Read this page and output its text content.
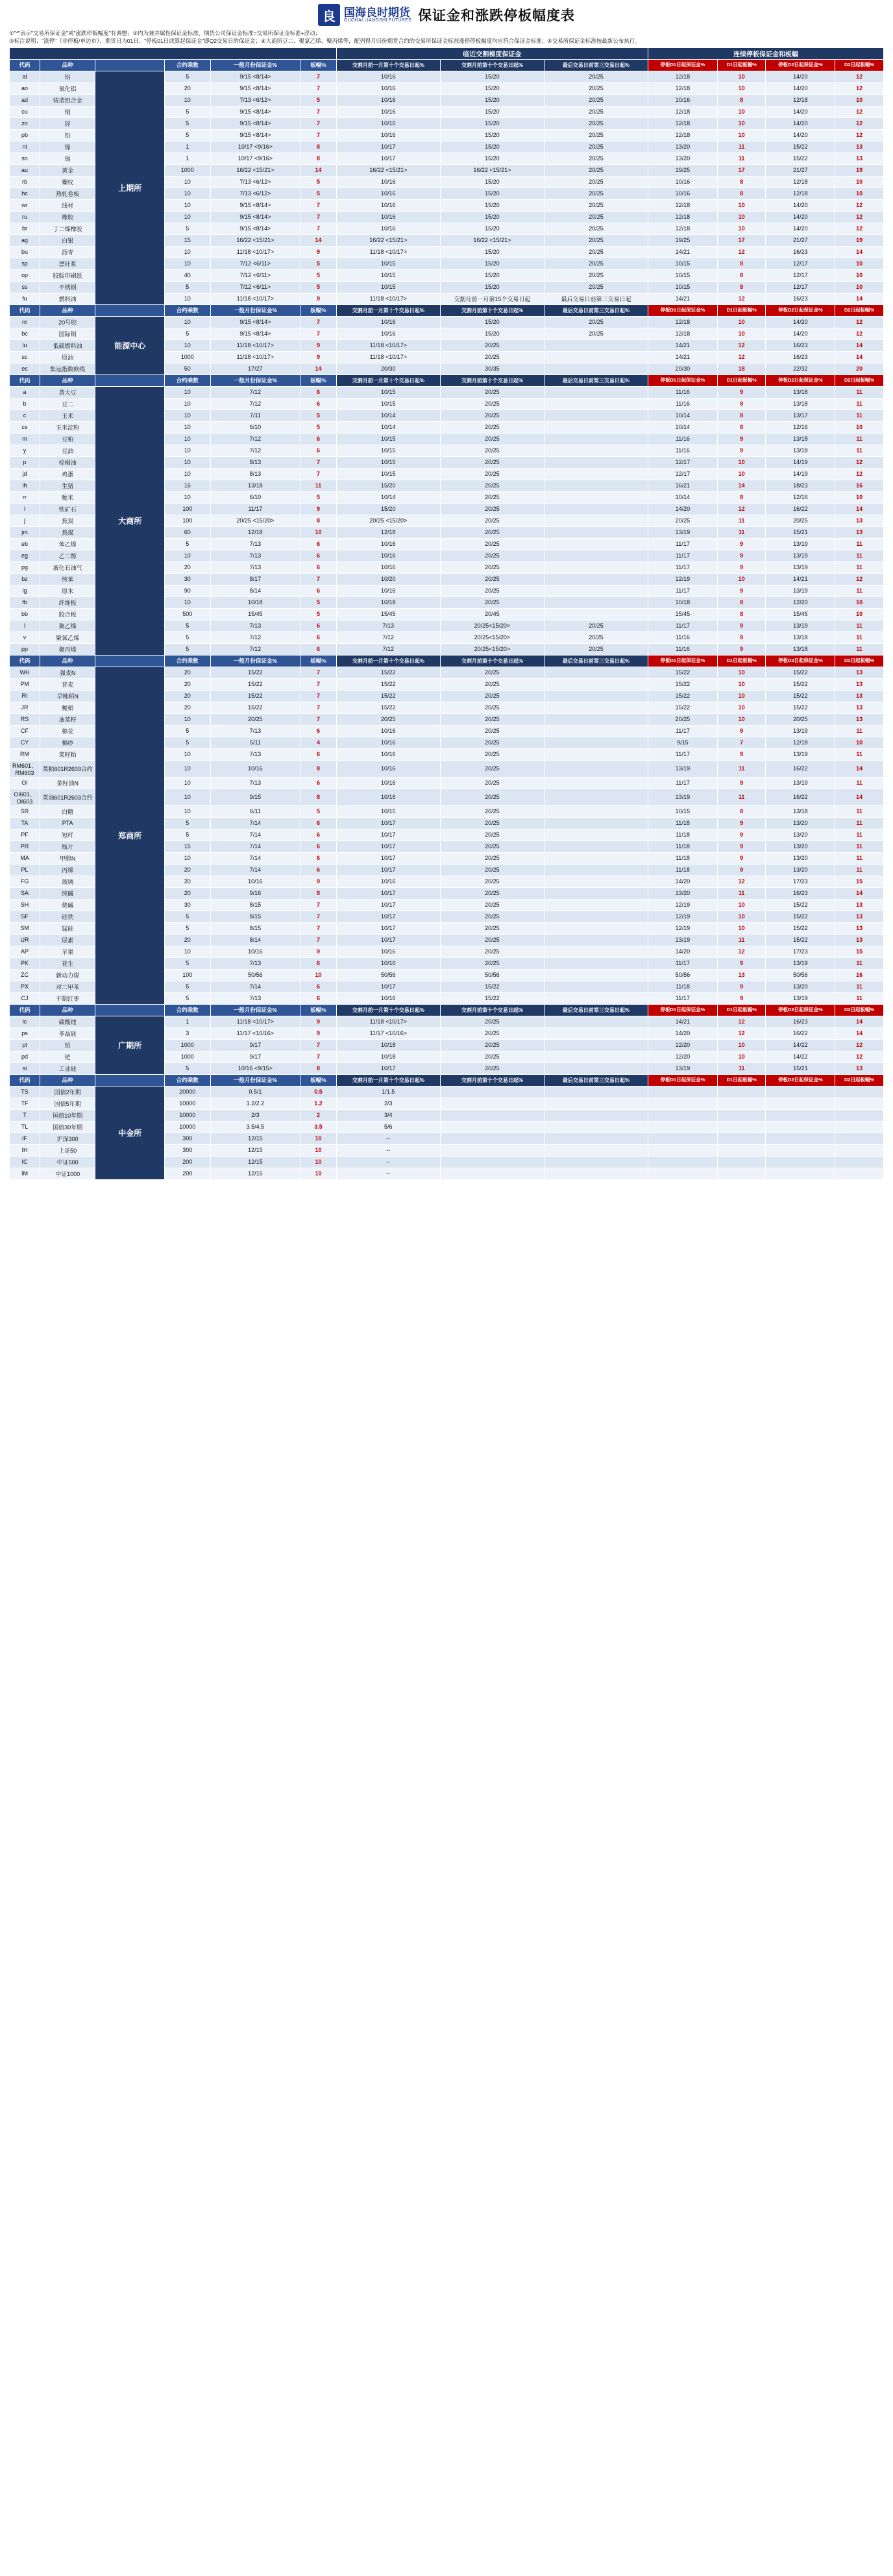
良 国海良时期货
GUOHAI LIANGSHI FUTURES 保证金和涨跌停板幅度表
①"*"表示"交易所保证金"或"涨跌停板幅度"有调整；②内为兼并属性保证金标准，期货公司保证金标准=交易所保证金标准+浮动；
③标注说明："涨停"（非停板/单边市）、期货日为01日、"停板01日或算起保证金"即Q2交易日的保证金；④大商所豆二、聚氯乙烯、聚丙烯等，配列得月归份期货合约的交易所保证金标准涨停停板幅度均应符合保证金标准；⑤交易所保证金标准按最新公布执行。
						临近交割梯度保证金			连续停板保证金和板幅			
代码	品种		合约乘数	一般月份保证金%	板幅%	交割月前一月第十个交易日起%	交割月前第十个交易日起%	最后交易日前第三交易日起%	停板D1日起保证金%	D1日起板幅%	停板D2日起保证金%	D2日起板幅%
al	铝	上期所	5	9/15 <8/14>	7	10/16	15/20	20/25	12/18	10	14/20	12
ao	氧化铝		20	9/15 <8/14>	7	10/16	15/20	20/25	12/18	10	14/20	12
ad	铸造铝合金		10	7/13 <6/12>	5	10/16	15/20	20/25	10/16	8	12/18	10
cu	铜		5	9/15 <8/14>	7	10/16	15/20	20/25	12/18	10	14/20	12
zn	锌		5	9/15 <8/14>	7	10/16	15/20	20/25	12/18	10	14/20	12
pb	铅		5	9/15 <8/14>	7	10/16	15/20	20/25	12/18	10	14/20	12
ni	镍		1	10/17 <9/16>	8	10/17	15/20	20/25	13/20	11	15/22	13
sn	锡		1	10/17 <9/16>	8	10/17	15/20	20/25	13/20	11	15/22	13
au	黄金		1000	16/22 <15/21>	14	16/22 <15/21>	16/22 <15/21>	20/25	19/25	17	21/27	19
rb	螺纹		10	7/13 <6/12>	5	10/16	15/20	20/25	10/16	8	12/18	10
hc	热轧卷板		10	7/13 <6/12>	5	10/16	15/20	20/25	10/16	8	12/18	10
wr	线材		10	9/15 <8/14>	7	10/16	15/20	20/25	12/18	10	14/20	12
ru	橡胶		10	9/15 <8/14>	7	10/16	15/20	20/25	12/18	10	14/20	12
br	丁二烯橡胶		5	9/15 <8/14>	7	10/16	15/20	20/25	12/18	10	14/20	12
ag	白银		15	16/22 <15/21>	14	16/22 <15/21>	16/22 <15/21>	20/25	19/25	17	21/27	19
bu	沥青		10	11/18 <10/17>	9	11/18 <10/17>	15/20	20/25	14/21	12	16/23	14
sp	漂针浆		10	7/12 <6/11>	5	10/15	15/20	20/25	10/15	8	12/17	10
op	胶版印刷纸		40	7/12 <6/11>	5	10/15	15/20	20/25	10/15	8	12/17	10
ss	不锈钢		5	7/12 <6/11>	5	10/15	15/20	20/25	10/15	8	12/17	10
fu	燃料油		10	11/18 <10/17>	9	11/18 <10/17>	交割月前一月第15个交易日起	最后交易日前第三交易日起	14/21	12	16/23	14
代码	品种		合约乘数	一般月份保证金%	板幅%	交割月前一月第十个交易日起%	交割月前第十个交易日起%	最后交易日前第三交易日起%	停板D1日起保证金%	D1日起板幅%	停板D2日起保证金%	D2日起板幅%
nr	20号胶	能源中心	10	9/15 <8/14>	7	10/16	15/20	20/25	12/18	10	14/20	12
bc	国际铜		5	9/15 <8/14>	7	10/16	15/20	20/25	12/18	10	14/20	12
lu	低硫燃料油		10	11/18 <10/17>	9	11/18 <10/17>	20/25		14/21	12	16/23	14
sc	原油		1000	11/18 <10/17>	9	11/18 <10/17>	20/25		14/21	12	16/23	14
ec	集运指数欧线		50	17/27	14	20/30	30/35		20/30	18	22/32	20
代码	品种		合约乘数	一般月份保证金%	板幅%	交割月前一月第十个交易日起%	交割月前第十个交易日起%	最后交易日前第三交易日起%	停板D1日起保证金%	D1日起板幅%	停板D2日起保证金%	D2日起板幅%
a	黄大豆	大商所	10	7/12	6	10/15	20/25		11/16	9	13/18	11
b	豆二		10	7/12	6	10/15	20/25		11/16	9	13/18	11
c	玉米		10	7/11	5	10/14	20/25		10/14	8	13/17	11
cs	玉米淀粉		10	6/10	5	10/14	20/25		10/14	8	12/16	10
m	豆粕		10	7/12	6	10/15	20/25		11/16	9	13/18	11
y	豆油		10	7/12	6	10/15	20/25		11/16	9	13/18	11
p	棕榈油		10	8/13	7	10/15	20/25		12/17	10	14/19	12
jd	鸡蛋		10	8/13	7	10/15	20/25		12/17	10	14/19	12
lh	生猪		16	13/18	11	15/20	20/25		16/21	14	18/23	16
rr	粳米		10	6/10	5	10/14	20/25		10/14	8	12/16	10
i	铁矿石		100	11/17	9	15/20	20/25		14/20	12	16/22	14
j	焦炭		100	20/25 <15/20>	8	20/25 <15/20>	20/25		20/25	11	20/25	13
jm	焦煤		60	12/18	10	12/18	20/25		13/19	11	15/21	13
eb	苯乙烯		5	7/13	6	10/16	20/25		11/17	9	13/19	11
eg	乙二醇		10	7/13	6	10/16	20/25		11/17	9	13/19	11
pg	液化石油气		20	7/13	6	10/16	20/25		11/17	9	13/19	11
bz	纯苯		30	8/17	7	10/20	20/25		12/19	10	14/21	12
lg	原木		90	8/14	6	10/16	20/25		11/17	9	13/19	11
fb	纤维板		10	10/18	5	10/18	20/25		10/18	8	12/20	10
bb	胶合板		500	15/45	5	15/45	20/45		15/45	8	15/45	10
l	聚乙烯		5	7/13	6	7/13	20/25<15/20>	20/25	11/17	9	13/19	11
v	聚氯乙烯		5	7/12	6	7/12	20/25<15/20>	20/25	11/16	9	13/18	11
pp	聚丙烯		5	7/12	6	7/12	20/25<15/20>	20/25	11/16	9	13/18	11
代码	品种		合约乘数	一般月份保证金%	板幅%	交割月前一月第十个交易日起%	交割月前第十个交易日起%	最后交易日前第三交易日起%	停板D1日起保证金%	D1日起板幅%	停板D2日起保证金%	D2日起板幅%
WH	强麦N	郑商所	20	15/22	7	15/22	20/25		15/22	10	15/22	13
PM	普麦		20	15/22	7	15/22	20/25		15/22	10	15/22	13
RI	早籼稻N		20	15/22	7	15/22	20/25		15/22	10	15/22	13
JR	粳稻		20	15/22	7	15/22	20/25		15/22	10	15/22	13
RS	油菜籽		10	20/25	7	20/25	20/25		20/25	10	20/25	13
CF	棉花		5	7/13	6	10/16	20/25		11/17	9	13/19	11
CY	棉纱		5	5/11	4	10/16	20/25		9/15	7	12/18	10
RM	菜籽粕		10	7/13	6	10/16	20/25		11/17	9	13/19	11
RM601、RM603	菜粕601R2603合约		10	10/16	8	10/16	20/25		13/19	11	16/22	14
OI	菜籽油N		10	7/13	6	10/16	20/25		11/17	9	13/19	11
OI601、OI603	菜油601R2603合约		10	9/15	8	10/16	20/25		13/19	11	16/22	14
SR	白糖		10	6/11	5	10/15	20/25		10/15	8	13/18	11
TA	PTA		5	7/14	6	10/17	20/25		11/18	9	13/20	11
PF	短纤		5	7/14	6	10/17	20/25		11/18	9	13/20	11
PR	瓶片		15	7/14	6	10/17	20/25		11/18	9	13/20	11
MA	甲醇N		10	7/14	6	10/17	20/25		11/18	9	13/20	11
PL	丙烯		20	7/14	6	10/17	20/25		11/18	9	13/20	11
FG	玻璃		20	10/16	9	10/16	20/25		14/20	12	17/23	15
SA	纯碱		20	9/16	8	10/17	20/25		13/20	11	16/23	14
SH	烧碱		30	8/15	7	10/17	20/25		12/19	10	15/22	13
SF	硅铁		5	8/15	7	10/17	20/25		12/19	10	15/22	13
SM	锰硅		5	8/15	7	10/17	20/25		12/19	10	15/22	13
UR	尿素		20	8/14	7	10/17	20/25		13/19	11	15/22	13
AP	苹果		10	10/16	9	10/16	20/25		14/20	12	17/23	15
PK	花生		5	7/13	6	10/16	20/25		11/17	9	13/19	11
ZC	新动力煤		100	50/56	10	50/56	50/56		50/56	13	50/56	16
PX	对二甲苯		5	7/14	6	10/17	15/22		11/18	9	13/20	11
CJ	干制红枣		5	7/13	6	10/16	15/22		11/17	9	13/19	11
代码	品种		合约乘数	一般月份保证金%	板幅%	交割月前一月第十个交易日起%	交割月前第十个交易日起%	最后交易日前第三交易日起%	停板D1日起保证金%	D1日起板幅%	停板D2日起保证金%	D2日起板幅%
lc	碳酸锂	广期所	1	11/18 <10/17>	9	11/18 <10/17>	20/25		14/21	12	16/23	14
ps	多晶硅		3	11/17 <10/16>	9	11/17 <10/16>	20/25		14/20	12	16/22	14
pt	铂		1000	9/17	7	10/18	20/25		12/20	10	14/22	12
pd	钯		1000	9/17	7	10/18	20/25		12/20	10	14/22	12
si	工业硅		5	10/16 <9/15>	8	10/17	20/25		13/19	11	15/21	13
代码	品种		合约乘数	一般月份保证金%	板幅%	交割月前一月第十个交易日起%	交割月前第十个交易日起%	最后交易日前第三交易日起%	停板D1日起保证金%	D1日起板幅%	停板D2日起保证金%	D2日起板幅%
TS	国债2年期	中金所	20000	0.5/1	0.5	1/1.5						
TF	国债5年期		10000	1.2/2.2	1.2	2/3						
T	国债10年期		10000	2/3	2	3/4						
TL	国债30年期		10000	3.5/4.5	3.5	5/6						
IF	沪深300		300	12/15	10	--						
IH	上证50		300	12/15	10	--						
IC	中证500		200	12/15	10	--						
IM	中证1000		200	12/15	10	--						
